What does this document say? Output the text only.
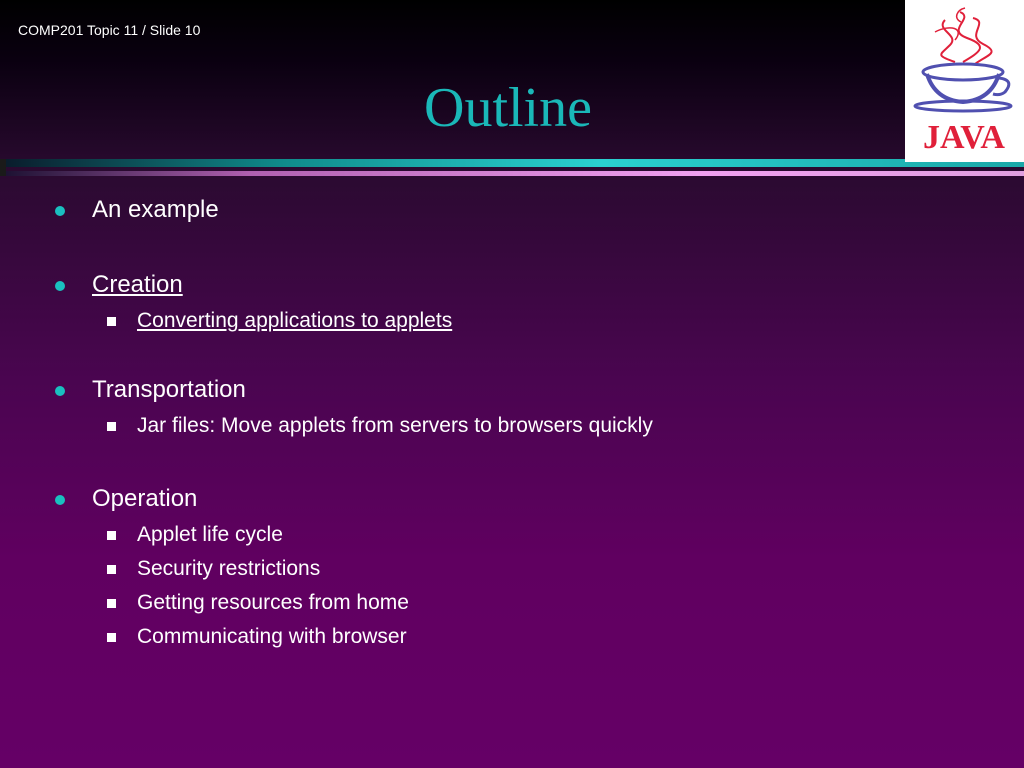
COMP201 Topic 11 / Slide 10
Outline	JAVA
An example
Creation
Converting applications to applets
Transportation
Jar files: Move applets from servers to browsers quickly
Operation
Applet life cycle
Security restrictions
Getting resources from home
Communicating with browser
